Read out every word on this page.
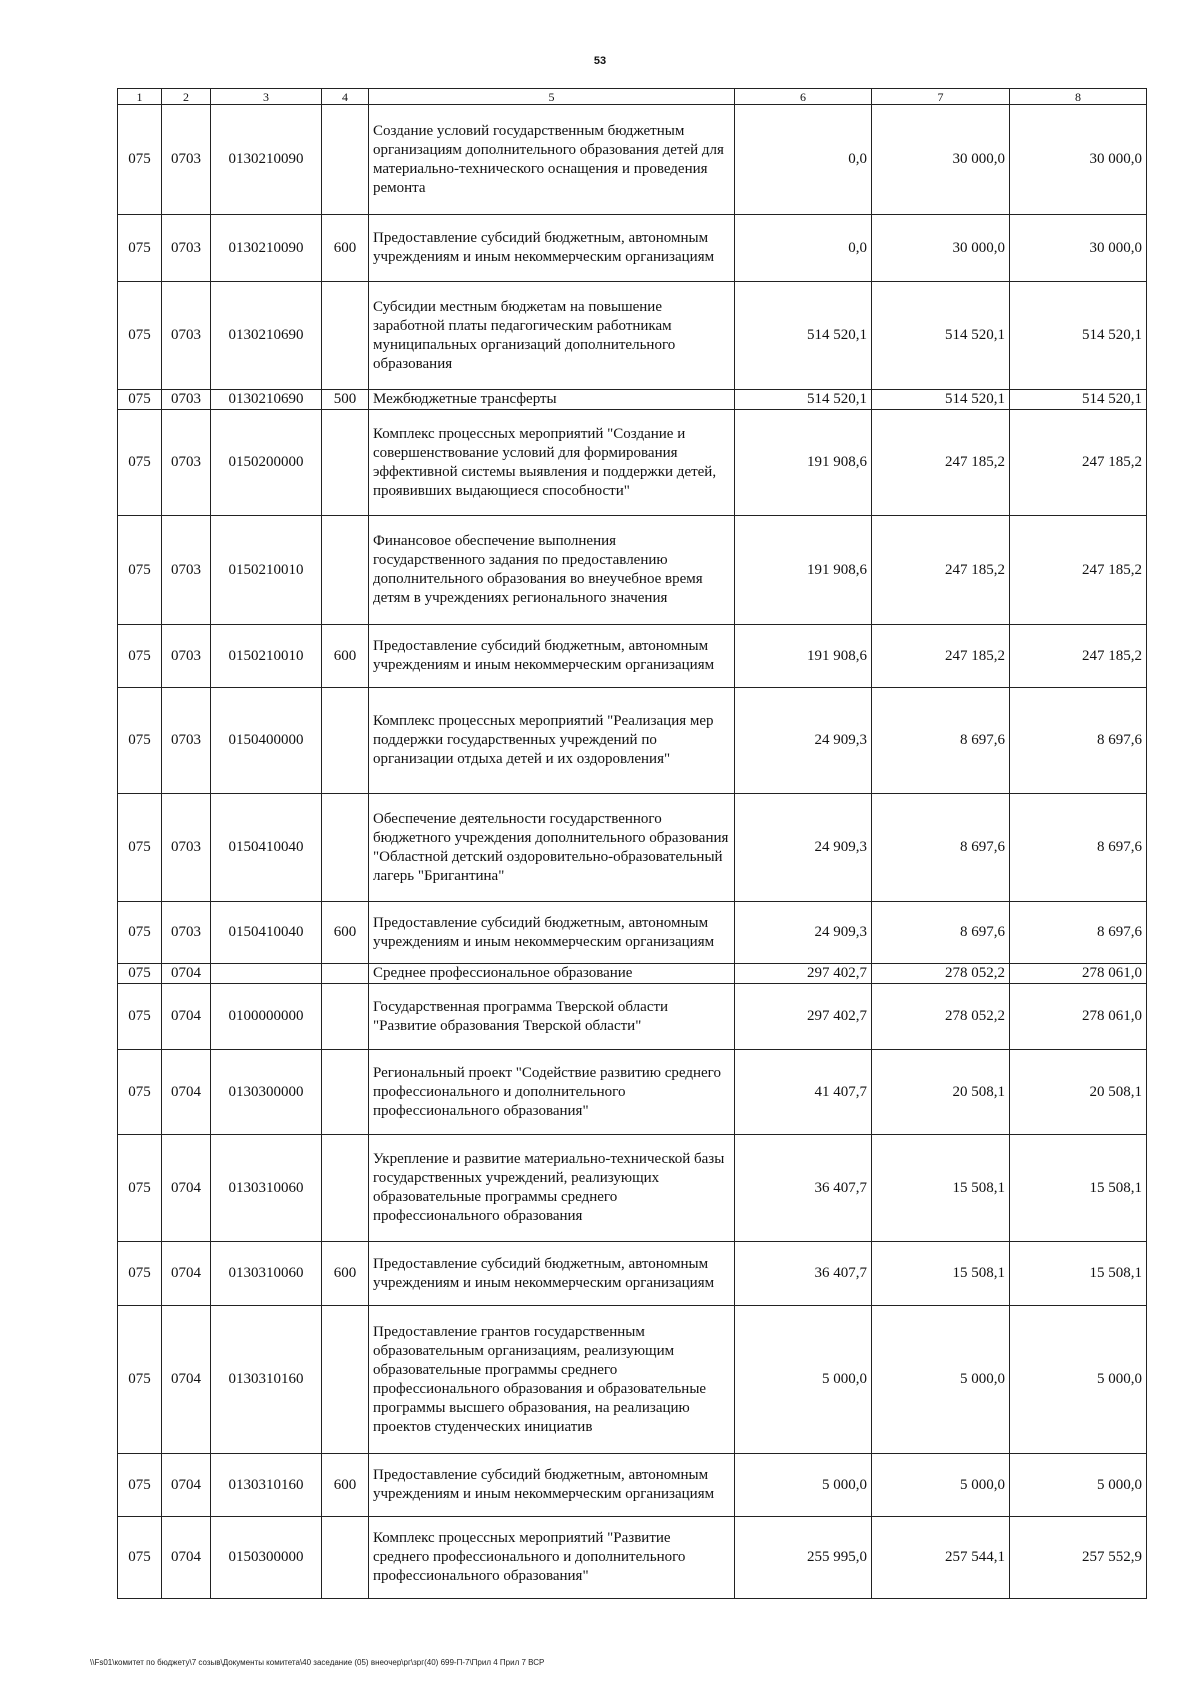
53
1	2	3	4	5	6	7	8
075	0703	0130210090		Создание условий государственным бюджетным организациям дополнительного образования детей для материально-технического оснащения и проведения ремонта	0,0	30 000,0	30 000,0
075	0703	0130210090	600	Предоставление субсидий бюджетным, автономным учреждениям и иным некоммерческим организациям	0,0	30 000,0	30 000,0
075	0703	0130210690		Субсидии местным бюджетам на повышение заработной платы педагогическим работникам муниципальных организаций дополнительного образования	514 520,1	514 520,1	514 520,1
075	0703	0130210690	500	Межбюджетные трансферты	514 520,1	514 520,1	514 520,1
075	0703	0150200000		Комплекс процессных мероприятий "Создание и совершенствование условий для формирования эффективной системы выявления и поддержки детей, проявивших выдающиеся способности"	191 908,6	247 185,2	247 185,2
075	0703	0150210010		Финансовое обеспечение выполнения государственного задания по предоставлению дополнительного образования во внеучебное время детям в учреждениях регионального значения	191 908,6	247 185,2	247 185,2
075	0703	0150210010	600	Предоставление субсидий бюджетным, автономным учреждениям и иным некоммерческим организациям	191 908,6	247 185,2	247 185,2
075	0703	0150400000		Комплекс процессных мероприятий "Реализация мер поддержки государственных учреждений по организации отдыха детей и их оздоровления"	24 909,3	8 697,6	8 697,6
075	0703	0150410040		Обеспечение деятельности государственного бюджетного учреждения дополнительного образования "Областной детский оздоровительно-образовательный лагерь "Бригантина"	24 909,3	8 697,6	8 697,6
075	0703	0150410040	600	Предоставление субсидий бюджетным, автономным учреждениям и иным некоммерческим организациям	24 909,3	8 697,6	8 697,6
075	0704			Среднее профессиональное образование	297 402,7	278 052,2	278 061,0
075	0704	0100000000		Государственная программа Тверской области "Развитие образования Тверской области"	297 402,7	278 052,2	278 061,0
075	0704	0130300000		Региональный проект "Содействие развитию среднего профессионального и дополнительного профессионального образования"	41 407,7	20 508,1	20 508,1
075	0704	0130310060		Укрепление и развитие материально-технической базы государственных учреждений, реализующих образовательные программы среднего профессионального образования	36 407,7	15 508,1	15 508,1
075	0704	0130310060	600	Предоставление субсидий бюджетным, автономным учреждениям и иным некоммерческим организациям	36 407,7	15 508,1	15 508,1
075	0704	0130310160		Предоставление грантов государственным образовательным организациям, реализующим образовательные программы среднего профессионального образования и образовательные программы высшего образования, на реализацию проектов студенческих инициатив	5 000,0	5 000,0	5 000,0
075	0704	0130310160	600	Предоставление субсидий бюджетным, автономным учреждениям и иным некоммерческим организациям	5 000,0	5 000,0	5 000,0
075	0704	0150300000		Комплекс процессных мероприятий "Развитие среднего профессионального и дополнительного профессионального образования"	255 995,0	257 544,1	257 552,9
\\Fs01\комитет по бюджету\7 созыв\Документы комитета\40 заседание (05) внеочер\рг\зрг(40) 699-П-7\Прил 4 Прил 7 ВСР
